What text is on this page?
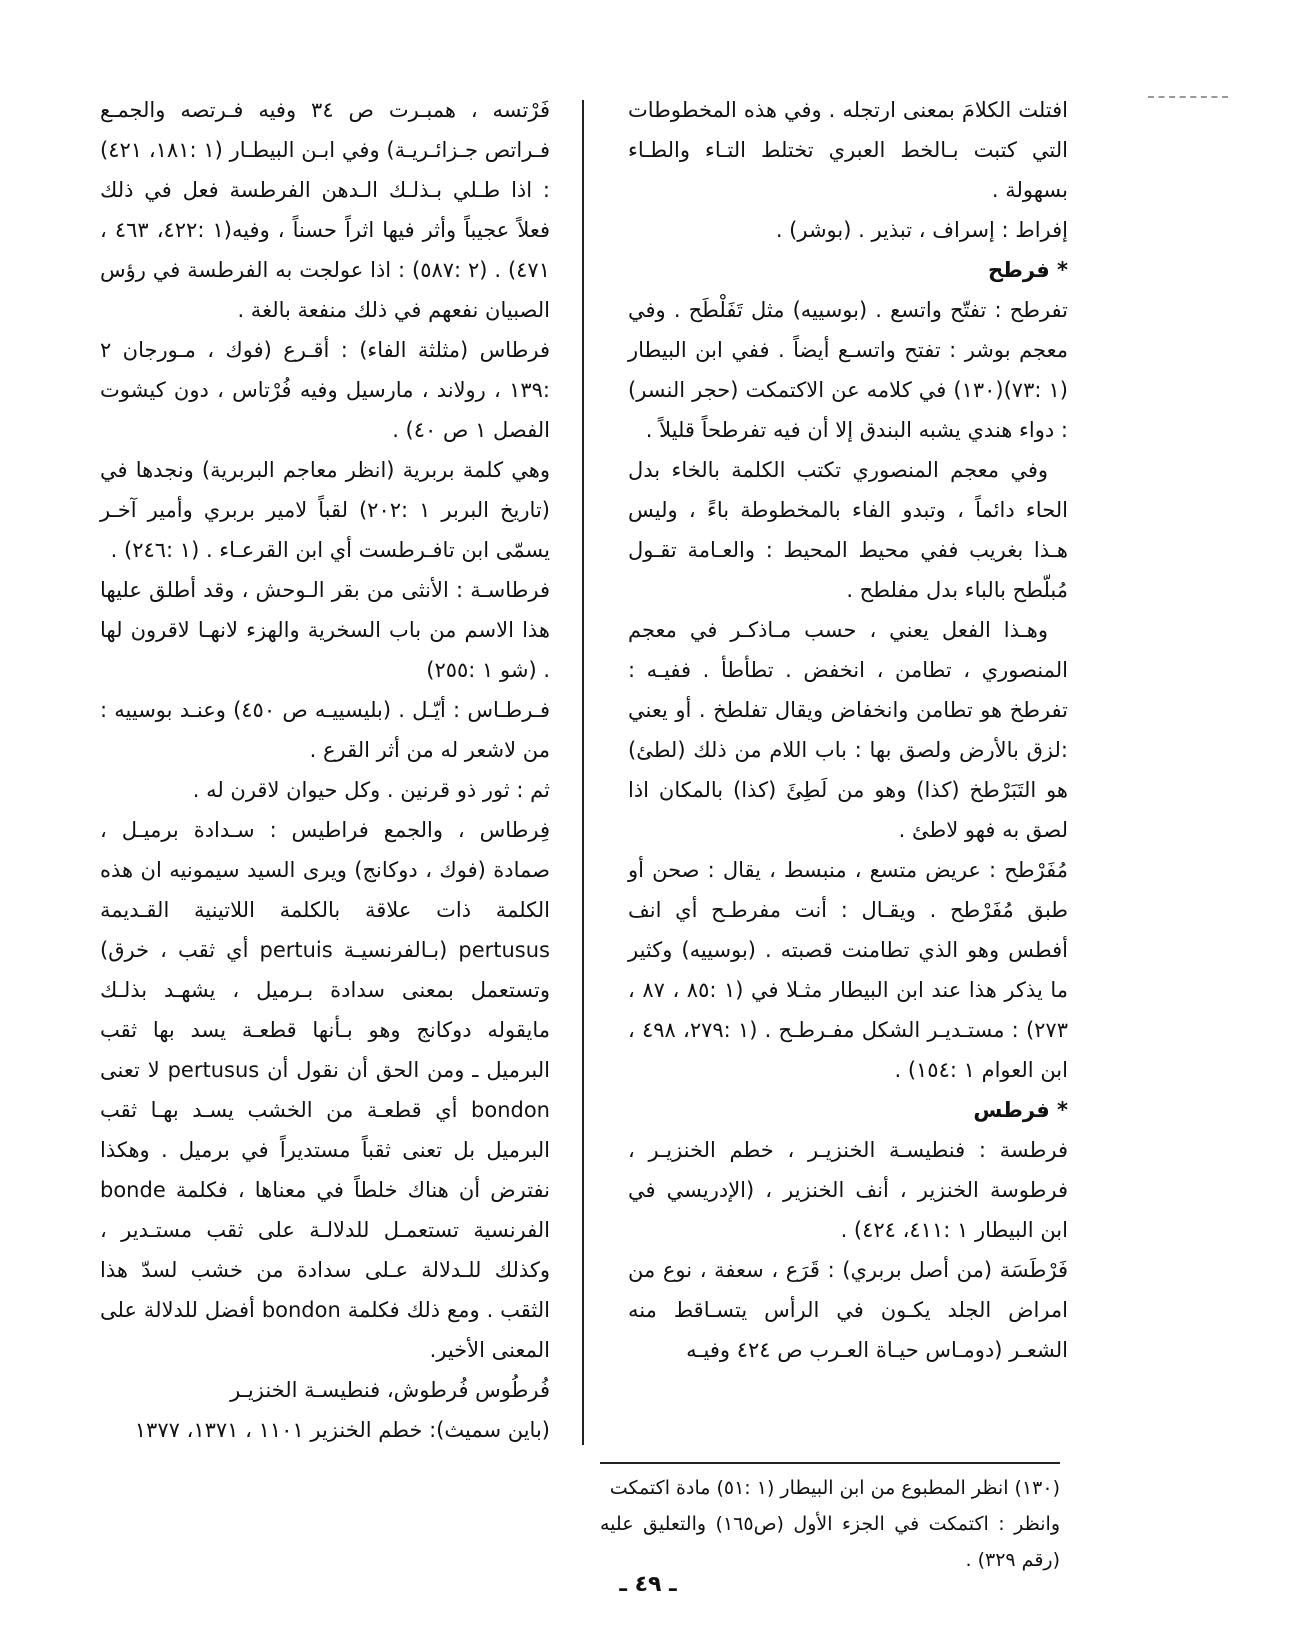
افتلت الكلامَ بمعنى ارتجله . وفي هذه المخطوطات التي كتبت بـالخط العبري تختلط التـاء والطـاء بسهولة .

إفراط : إسراف ، تبذير . (بوشر) .

* فرطح

تفرطح : تفتّح واتسع . (بوسييه) مثل تَفَلْطَح . وفي معجم بوشر : تفتح واتسـع أيضاً . ففي ابن البيطار (١ :٧٣)(١٣٠) في كلامه عن الاكتمكت (حجر النسر) : دواء هندي يشبه البندق إلا أن فيه تفرطحاً قليلاً .

وفي معجم المنصوري تكتب الكلمة بالخاء بدل الحاء دائماً ، وتبدو الفاء بالمخطوطة باءً ، وليس هـذا بغريب ففي محيط المحيط : والعـامة تقـول مُبلّطح بالباء بدل مفلطح .

وهـذا الفعل يعني ، حسب مـاذكـر في معجم المنصوري ، تطامن ، انخفض . تطأطأ . ففيـه : تفرطخ هو تطامن وانخفاض ويقال تفلطخ . أو يعني :لزق بالأرض ولصق بها : باب اللام من ذلك (لطئ) هو التَبَرْطخ (كذا) وهو من لَطِئَ (كذا) بالمكان اذا لصق به فهو لاطئ .

مُفَرْطح : عريض متسع ، منبسط ، يقال : صحن أو طبق مُفَرْطح . ويقـال : أنت مفرطـح أي انف أفطس وهو الذي تطامنت قصبته . (بوسييه) وكثير ما يذكر هذا عند ابن البيطار مثـلا في (١ :٨٥ ، ٨٧ ، ٢٧٣) : مستـديـر الشكل مفـرطـح . (١ :٢٧٩، ٤٩٨ ، ابن العوام ١ :١٥٤) .

* فرطس

فرطسة : فنطيسـة الخنزيـر ، خطم الخنزيـر ، فرطوسة الخنزير ، أنف الخنزير ، (الإدريسي في ابن البيطار ١ :٤١١، ٤٢٤) .

فَرْطَسَة (من أصل بربري) : قَرَع ، سعفة ، نوع من امراض الجلد يكـون في الرأس يتسـاقط منه الشعـر (دومـاس حيـاة العـرب ص ٤٢٤ وفيـه

فَرْتسه ، همبـرت ص ٣٤ وفيه فـرتصه والجمـع فـراتص جـزائـريـة) وفي ابـن البيطـار (١ :١٨١، ٤٢١) : اذا طـلي بـذلـك الـدهن الفرطسة فعل في ذلك فعلاً عجيباً وأثر فيها اثراً حسناً ، وفيه(١ :٤٢٢، ٤٦٣ ، ٤٧١) . (٢ :٥٨٧) : اذا عولجت به الفرطسة في رؤس الصبيان نفعهم في ذلك منفعة بالغة .

فرطاس (مثلثة الفاء) : أقـرع (فوك ، مـورجان ٢ :١٣٩ ، رولاند ، مارسيل وفيه فُرْتاس ، دون كيشوت الفصل ١ ص ٤٠) .

وهي كلمة بربرية (انظر معاجم البربرية) ونجدها في (تاريخ البربر ١ :٢٠٢) لقباً لامير بربري وأمير آخـر يسمّى ابن تافـرطست أي ابن القرعـاء . (١ :٢٤٦) .

فرطاسـة : الأنثى من بقر الـوحش ، وقد أطلق عليها هذا الاسم من باب السخرية والهزء لانهـا لاقرون لها . (شو ١ :٢٥٥)

فـرطـاس : أيّـل . (بليسييـه ص ٤٥٠) وعنـد بوسييه : من لاشعر له من أثر القرع .

ثم : ثور ذو قرنين . وكل حيوان لاقرن له .

فِرطاس ، والجمع فراطيس : سـدادة برميـل ، صمادة (فوك ، دوكانج) ويرى السيد سيمونيه ان هذه الكلمة ذات علاقة بالكلمة اللاتينية القـديمة pertusus (بـالفرنسيـة pertuis أي ثقب ، خرق) وتستعمل بمعنى سدادة بـرميل ، يشهـد بذلـك مايقوله دوكانج وهو بـأنها قطعـة يسد بها ثقب البرميل ـ ومن الحق أن نقول أن pertusus لا تعنى bondon أي قطعـة من الخشب يسـد بهـا ثقب البرميل بل تعنى ثقباً مستديراً في برميل . وهكذا نفترض أن هناك خلطاً في معناها ، فكلمة bonde الفرنسية تستعمـل للدلالـة على ثقب مستـدير ، وكذلك للـدلالة عـلى سدادة من خشب لسدّ هذا الثقب . ومع ذلك فكلمة bondon أفضل للدلالة على المعنى الأخير.

فُرطُوس فُرطوش، فنطيسـة الخنزيـر

(باين سميث): خطم الخنزير ١١٠١ ، ١٣٧١، ١٣٧٧

(١٣٠) انظر المطبوع من ابن البيطار (١ :٥١) مادة اكتمكت

وانظر : اكتمكت في الجزء الأول (ص١٦٥) والتعليق عليه (رقم ٣٢٩) .

ـ ٤٩ ـ
